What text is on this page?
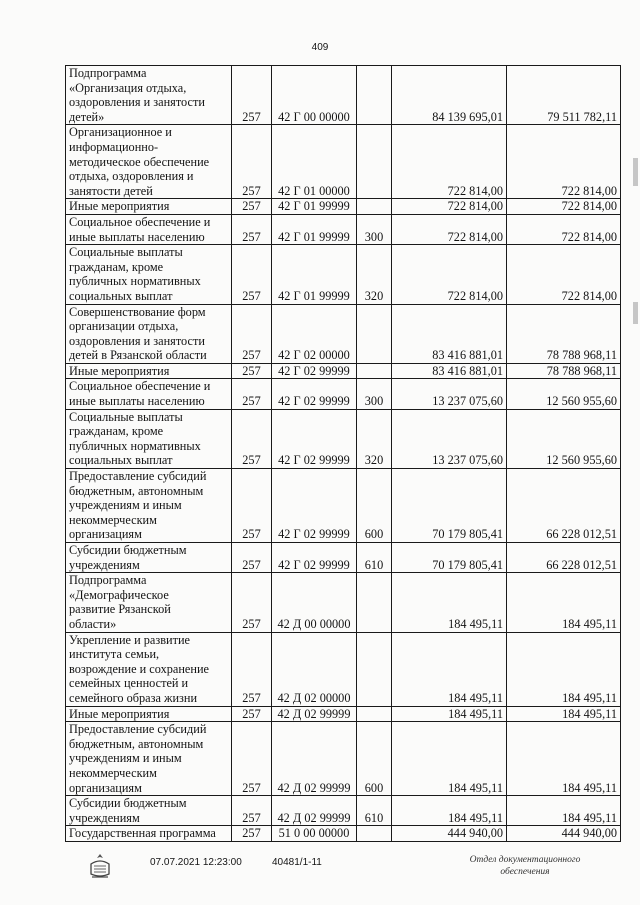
409
Подпрограмма
«Организация отдыха,
оздоровления и занятости
детей»	257	42 Г 00 00000		84 139 695,01	79 511 782,11
Организационное и
информационно-
методическое обеспечение
отдыха, оздоровления и
занятости детей	257	42 Г 01 00000		722 814,00	722 814,00
Иные мероприятия	257	42 Г 01 99999		722 814,00	722 814,00
Социальное обеспечение и
иные выплаты населению	257	42 Г 01 99999	300	722 814,00	722 814,00
Социальные выплаты
гражданам, кроме
публичных нормативных
социальных выплат	257	42 Г 01 99999	320	722 814,00	722 814,00
Совершенствование форм
организации отдыха,
оздоровления и занятости
детей в Рязанской области	257	42 Г 02 00000		83 416 881,01	78 788 968,11
Иные мероприятия	257	42 Г 02 99999		83 416 881,01	78 788 968,11
Социальное обеспечение и
иные выплаты населению	257	42 Г 02 99999	300	13 237 075,60	12 560 955,60
Социальные выплаты
гражданам, кроме
публичных нормативных
социальных выплат	257	42 Г 02 99999	320	13 237 075,60	12 560 955,60
Предоставление субсидий
бюджетным, автономным
учреждениям и иным
некоммерческим
организациям	257	42 Г 02 99999	600	70 179 805,41	66 228 012,51
Субсидии бюджетным
учреждениям	257	42 Г 02 99999	610	70 179 805,41	66 228 012,51
Подпрограмма
«Демографическое
развитие Рязанской
области»	257	42 Д 00 00000		184 495,11	184 495,11
Укрепление и развитие
института семьи,
возрождение и сохранение
семейных ценностей и
семейного образа жизни	257	42 Д 02 00000		184 495,11	184 495,11
Иные мероприятия	257	42 Д 02 99999		184 495,11	184 495,11
Предоставление субсидий
бюджетным, автономным
учреждениям и иным
некоммерческим
организациям	257	42 Д 02 99999	600	184 495,11	184 495,11
Субсидии бюджетным
учреждениям	257	42 Д 02 99999	610	184 495,11	184 495,11
Государственная программа	257	51 0 00 00000		444 940,00	444 940,00
07.07.2021 12:23:00	40481/1-11	Отдел документационного обеспечения
